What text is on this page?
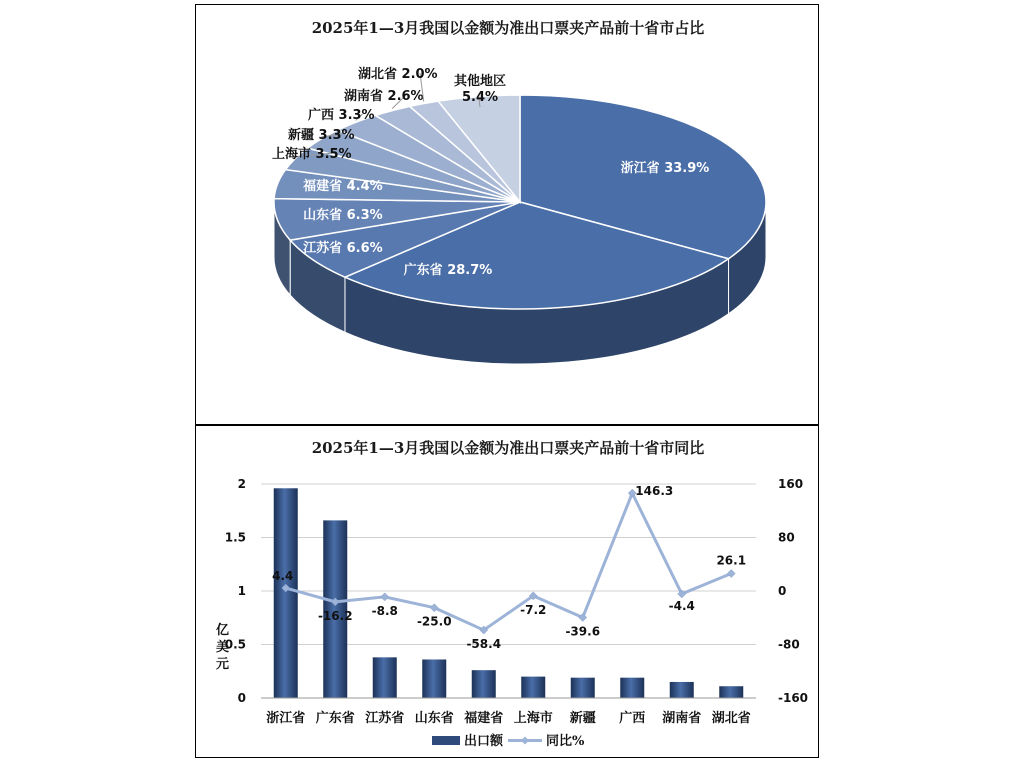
2025年1—3月我国以金额为准出口票夹产品前十省市占比
浙江省 33.9%
广东省 28.7%
江苏省 6.6%
山东省 6.3%
福建省 4.4%
上海市 3.5%
新疆 3.3%
广西 3.3%
湖南省 2.6%
湖北省 2.0% 其他地区
5.4%
2025年1—3月我国以金额为准出口票夹产品前十省市同比
0
0.5
1
1.5
2
-160
-80
0
80
160
亿美元
浙江省 广东省 江苏省 山东省 福建省 上海市 新疆 广西 湖南省 湖北省
4.4
-16.2 -8.8
-25.0
-58.4
-7.2
-39.6
146.3
-4.4
26.1
出口额	同比%
